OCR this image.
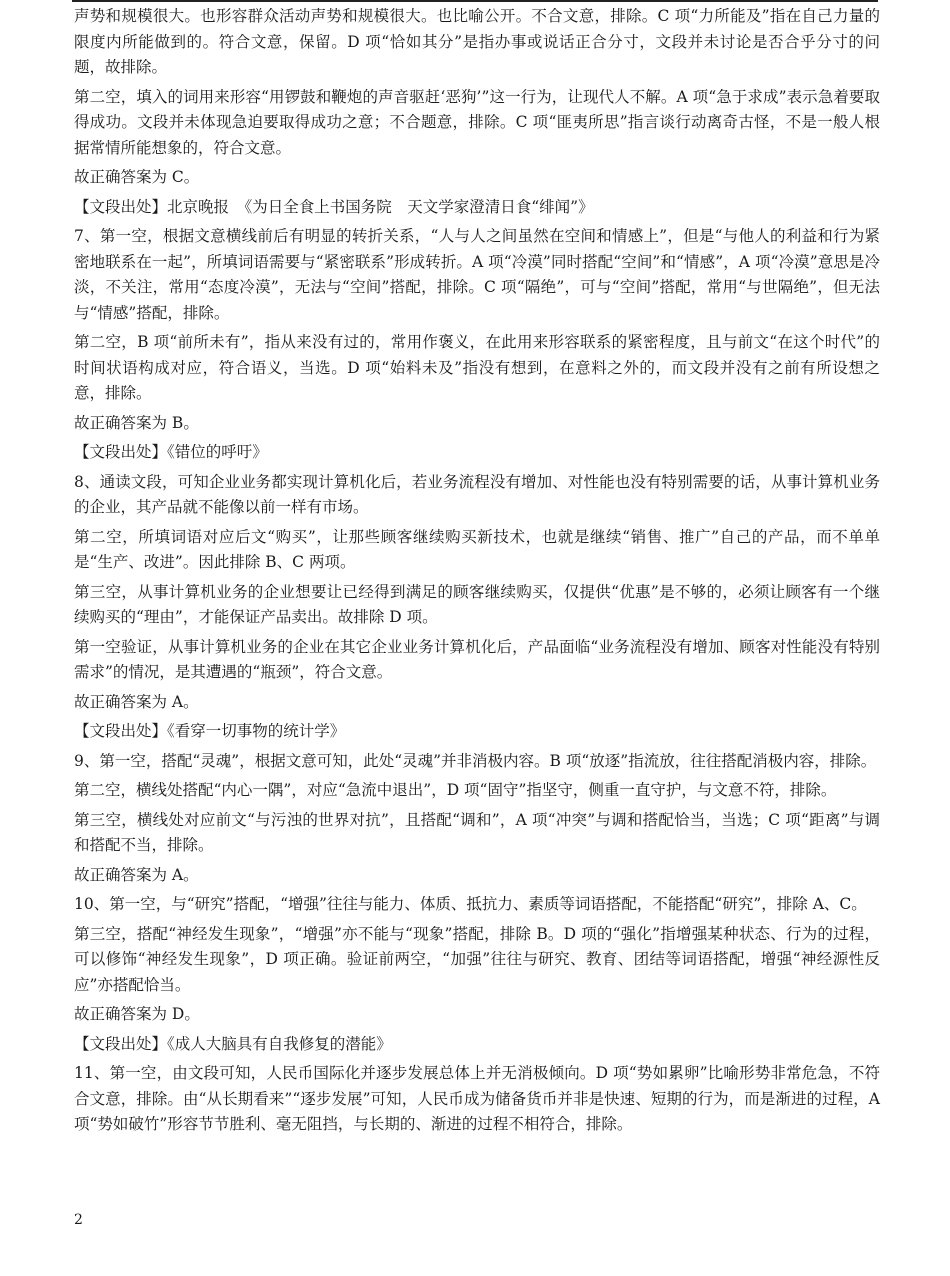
声势和规模很大。也形容群众活动声势和规模很大。也比喻公开。不合文意，排除。C 项“力所能及”指在自己力量的限度内所能做到的。符合文意，保留。D 项“恰如其分”是指办事或说话正合分寸，文段并未讨论是否合乎分寸的问题，故排除。

第二空，填入的词用来形容“用锣鼓和鞭炮的声音驱赶‘恶狗’”这一行为，让现代人不解。A 项“急于求成”表示急着要取得成功。文段并未体现急迫要取得成功之意；不合题意，排除。C 项“匪夷所思”指言谈行动离奇古怪，不是一般人根据常情所能想象的，符合文意。

故正确答案为 C。

【文段出处】北京晚报　《为日全食上书国务院　天文学家澄清日食“绯闻”》

7、第一空，根据文意横线前后有明显的转折关系，“人与人之间虽然在空间和情感上”，但是“与他人的利益和行为紧密地联系在一起”，所填词语需要与“紧密联系”形成转折。A 项“冷漠”同时搭配“空间”和“情感”，A 项“冷漠”意思是冷淡，不关注，常用“态度冷漠”，无法与“空间”搭配，排除。C 项“隔绝”，可与“空间”搭配，常用“与世隔绝”，但无法与“情感”搭配，排除。

第二空，B 项“前所未有”，指从来没有过的，常用作褒义，在此用来形容联系的紧密程度，且与前文“在这个时代”的时间状语构成对应，符合语义，当选。D 项“始料未及”指没有想到，在意料之外的，而文段并没有之前有所设想之意，排除。

故正确答案为 B。

【文段出处】《错位的呼吁》

8、通读文段，可知企业业务都实现计算机化后，若业务流程没有增加、对性能也没有特别需要的话，从事计算机业务的企业，其产品就不能像以前一样有市场。

第二空，所填词语对应后文“购买”，让那些顾客继续购买新技术，也就是继续“销售、推广”自己的产品，而不单单是“生产、改进”。因此排除 B、C 两项。

第三空，从事计算机业务的企业想要让已经得到满足的顾客继续购买，仅提供“优惠”是不够的，必须让顾客有一个继续购买的“理由”，才能保证产品卖出。故排除 D 项。

第一空验证，从事计算机业务的企业在其它企业业务计算机化后，产品面临“业务流程没有增加、顾客对性能没有特别需求”的情况，是其遭遇的“瓶颈”，符合文意。

故正确答案为 A。

【文段出处】《看穿一切事物的统计学》

9、第一空，搭配“灵魂”，根据文意可知，此处“灵魂”并非消极内容。B 项“放逐”指流放，往往搭配消极内容，排除。

第二空，横线处搭配“内心一隅”，对应“急流中退出”，D 项“固守”指坚守，侧重一直守护，与文意不符，排除。

第三空，横线处对应前文“与污浊的世界对抗”，且搭配“调和”，A 项“冲突”与调和搭配恰当，当选；C 项“距离”与调和搭配不当，排除。

故正确答案为 A。

10、第一空，与“研究”搭配，“增强”往往与能力、体质、抵抗力、素质等词语搭配，不能搭配“研究”，排除 A、C。

第三空，搭配“神经发生现象”，“增强”亦不能与“现象”搭配，排除 B。D 项的“强化”指增强某种状态、行为的过程，可以修饰“神经发生现象”，D 项正确。验证前两空，“加强”往往与研究、教育、团结等词语搭配，增强“神经源性反应”亦搭配恰当。

故正确答案为 D。

【文段出处】《成人大脑具有自我修复的潜能》

11、第一空，由文段可知，人民币国际化并逐步发展总体上并无消极倾向。D 项“势如累卵”比喻形势非常危急，不符合文意，排除。由“从长期看来”“逐步发展”可知，人民币成为储备货币并非是快速、短期的行为，而是渐进的过程，A 项“势如破竹”形容节节胜利、毫无阻挡，与长期的、渐进的过程不相符合，排除。

2
